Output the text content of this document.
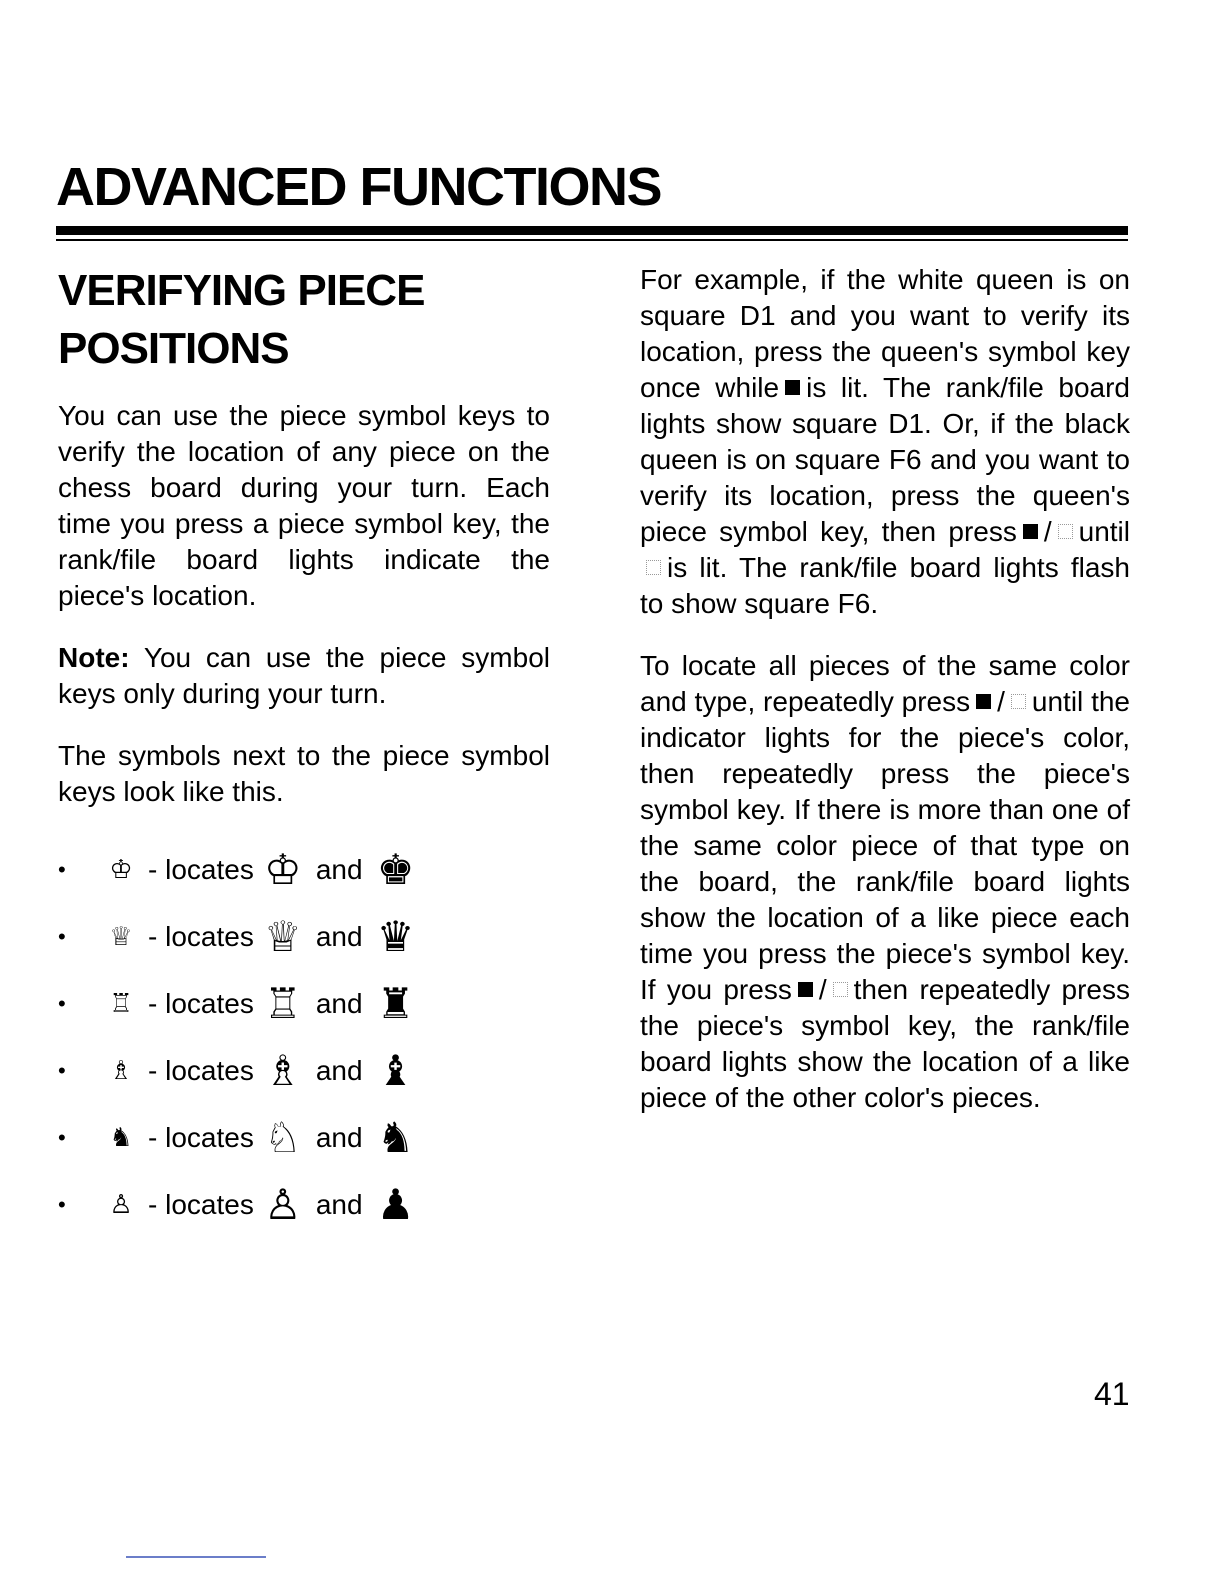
ADVANCED FUNCTIONS
VERIFYING PIECE POSITIONS

You can use the piece symbol keys to verify the location of any piece on the chess board during your turn. Each time you press a piece symbol key, the rank/file board lights indicate the piece's location.

Note: You can use the piece symbol keys only during your turn.

The symbols next to the piece symbol keys look like this.

•	♔ - locates ♔ and ♚
•	♕ - locates ♕ and ♛
•	♖ - locates ♖ and ♜
•	♗ - locates ♗ and ♝
•	♞ - locates ♘ and ♞
•	♙ - locates ♙ and ♟

For example, if the white queen is on square D1 and you want to verify its location, press the queen's symbol key once while is lit. The rank/file board lights show square D1. Or, if the black queen is on square F6 and you want to verify its location, press the queen's piece symbol key, then press / until is lit. The rank/file board lights flash to show square F6.

To locate all pieces of the same color and type, repeatedly press / until the indicator lights for the piece's color, then repeatedly press the piece's symbol key. If there is more than one of the same color piece of that type on the board, the rank/file board lights show the location of a like piece each time you press the piece's symbol key. If you press / then repeatedly press the piece's symbol key, the rank/file board lights show the location of a like piece of the other color's pieces.

41
